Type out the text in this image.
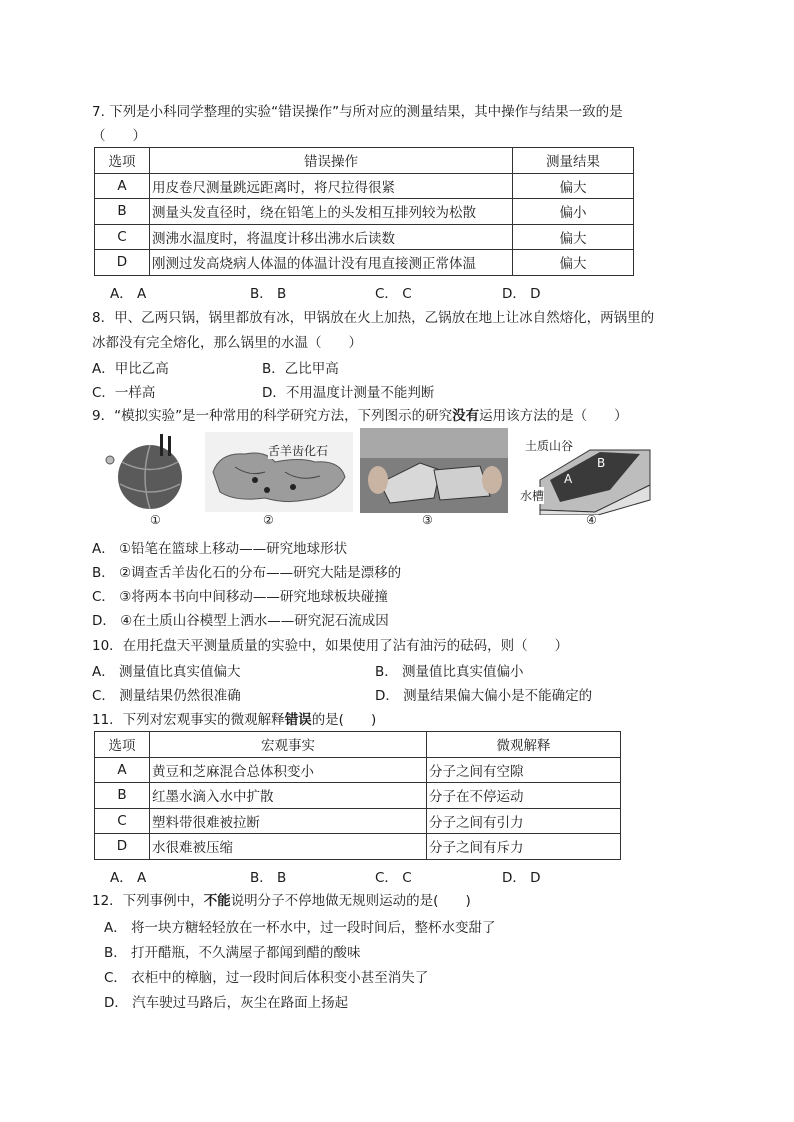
7. 下列是小科同学整理的实验“错误操作”与所对应的测量结果，其中操作与结果一致的是
（　　）
选项	错误操作	测量结果
A	用皮卷尺测量跳远距离时，将尺拉得很紧	偏大
B	测量头发直径时，绕在铅笔上的头发相互排列较为松散	偏小
C	测沸水温度时，将温度计移出沸水后读数	偏大
D	刚测过发高烧病人体温的体温计没有甩直接测正常体温	偏大
A． A	B． B	C． C	D． D
8．甲、乙两只锅，锅里都放有冰，甲锅放在火上加热，乙锅放在地上让冰自然熔化，两锅里的
冰都没有完全熔化，那么锅里的水温（　　）
A．甲比乙高	B．乙比甲高
C．一样高	D．不用温度计测量不能判断
9．“模拟实验”是一种常用的科学研究方法，下列图示的研究没有运用该方法的是（　　）
①
舌羊齿化石
②	③
土质山谷
B
A
水槽
④
A． ①铅笔在篮球上移动——研究地球形状
B． ②调查舌羊齿化石的分布——研究大陆是漂移的
C． ③将两本书向中间移动——研究地球板块碰撞
D． ④在土质山谷模型上洒水——研究泥石流成因
10．在用托盘天平测量质量的实验中，如果使用了沾有油污的砝码，则（　　）
A． 测量值比真实值偏大	B． 测量值比真实值偏小
C． 测量结果仍然很准确	D． 测量结果偏大偏小是不能确定的
11．下列对宏观事实的微观解释错误的是(　　)
选项	宏观事实	微观解释
A	黄豆和芝麻混合总体积变小	分子之间有空隙
B	红墨水滴入水中扩散	分子在不停运动
C	塑料带很难被拉断	分子之间有引力
D	水很难被压缩	分子之间有斥力
A． A	B． B	C． C	D． D
12．下列事例中，不能说明分子不停地做无规则运动的是(　　)
A． 将一块方糖轻轻放在一杯水中，过一段时间后，整杯水变甜了
B． 打开醋瓶，不久满屋子都闻到醋的酸味
C． 衣柜中的樟脑，过一段时间后体积变小甚至消失了
D． 汽车驶过马路后，灰尘在路面上扬起
